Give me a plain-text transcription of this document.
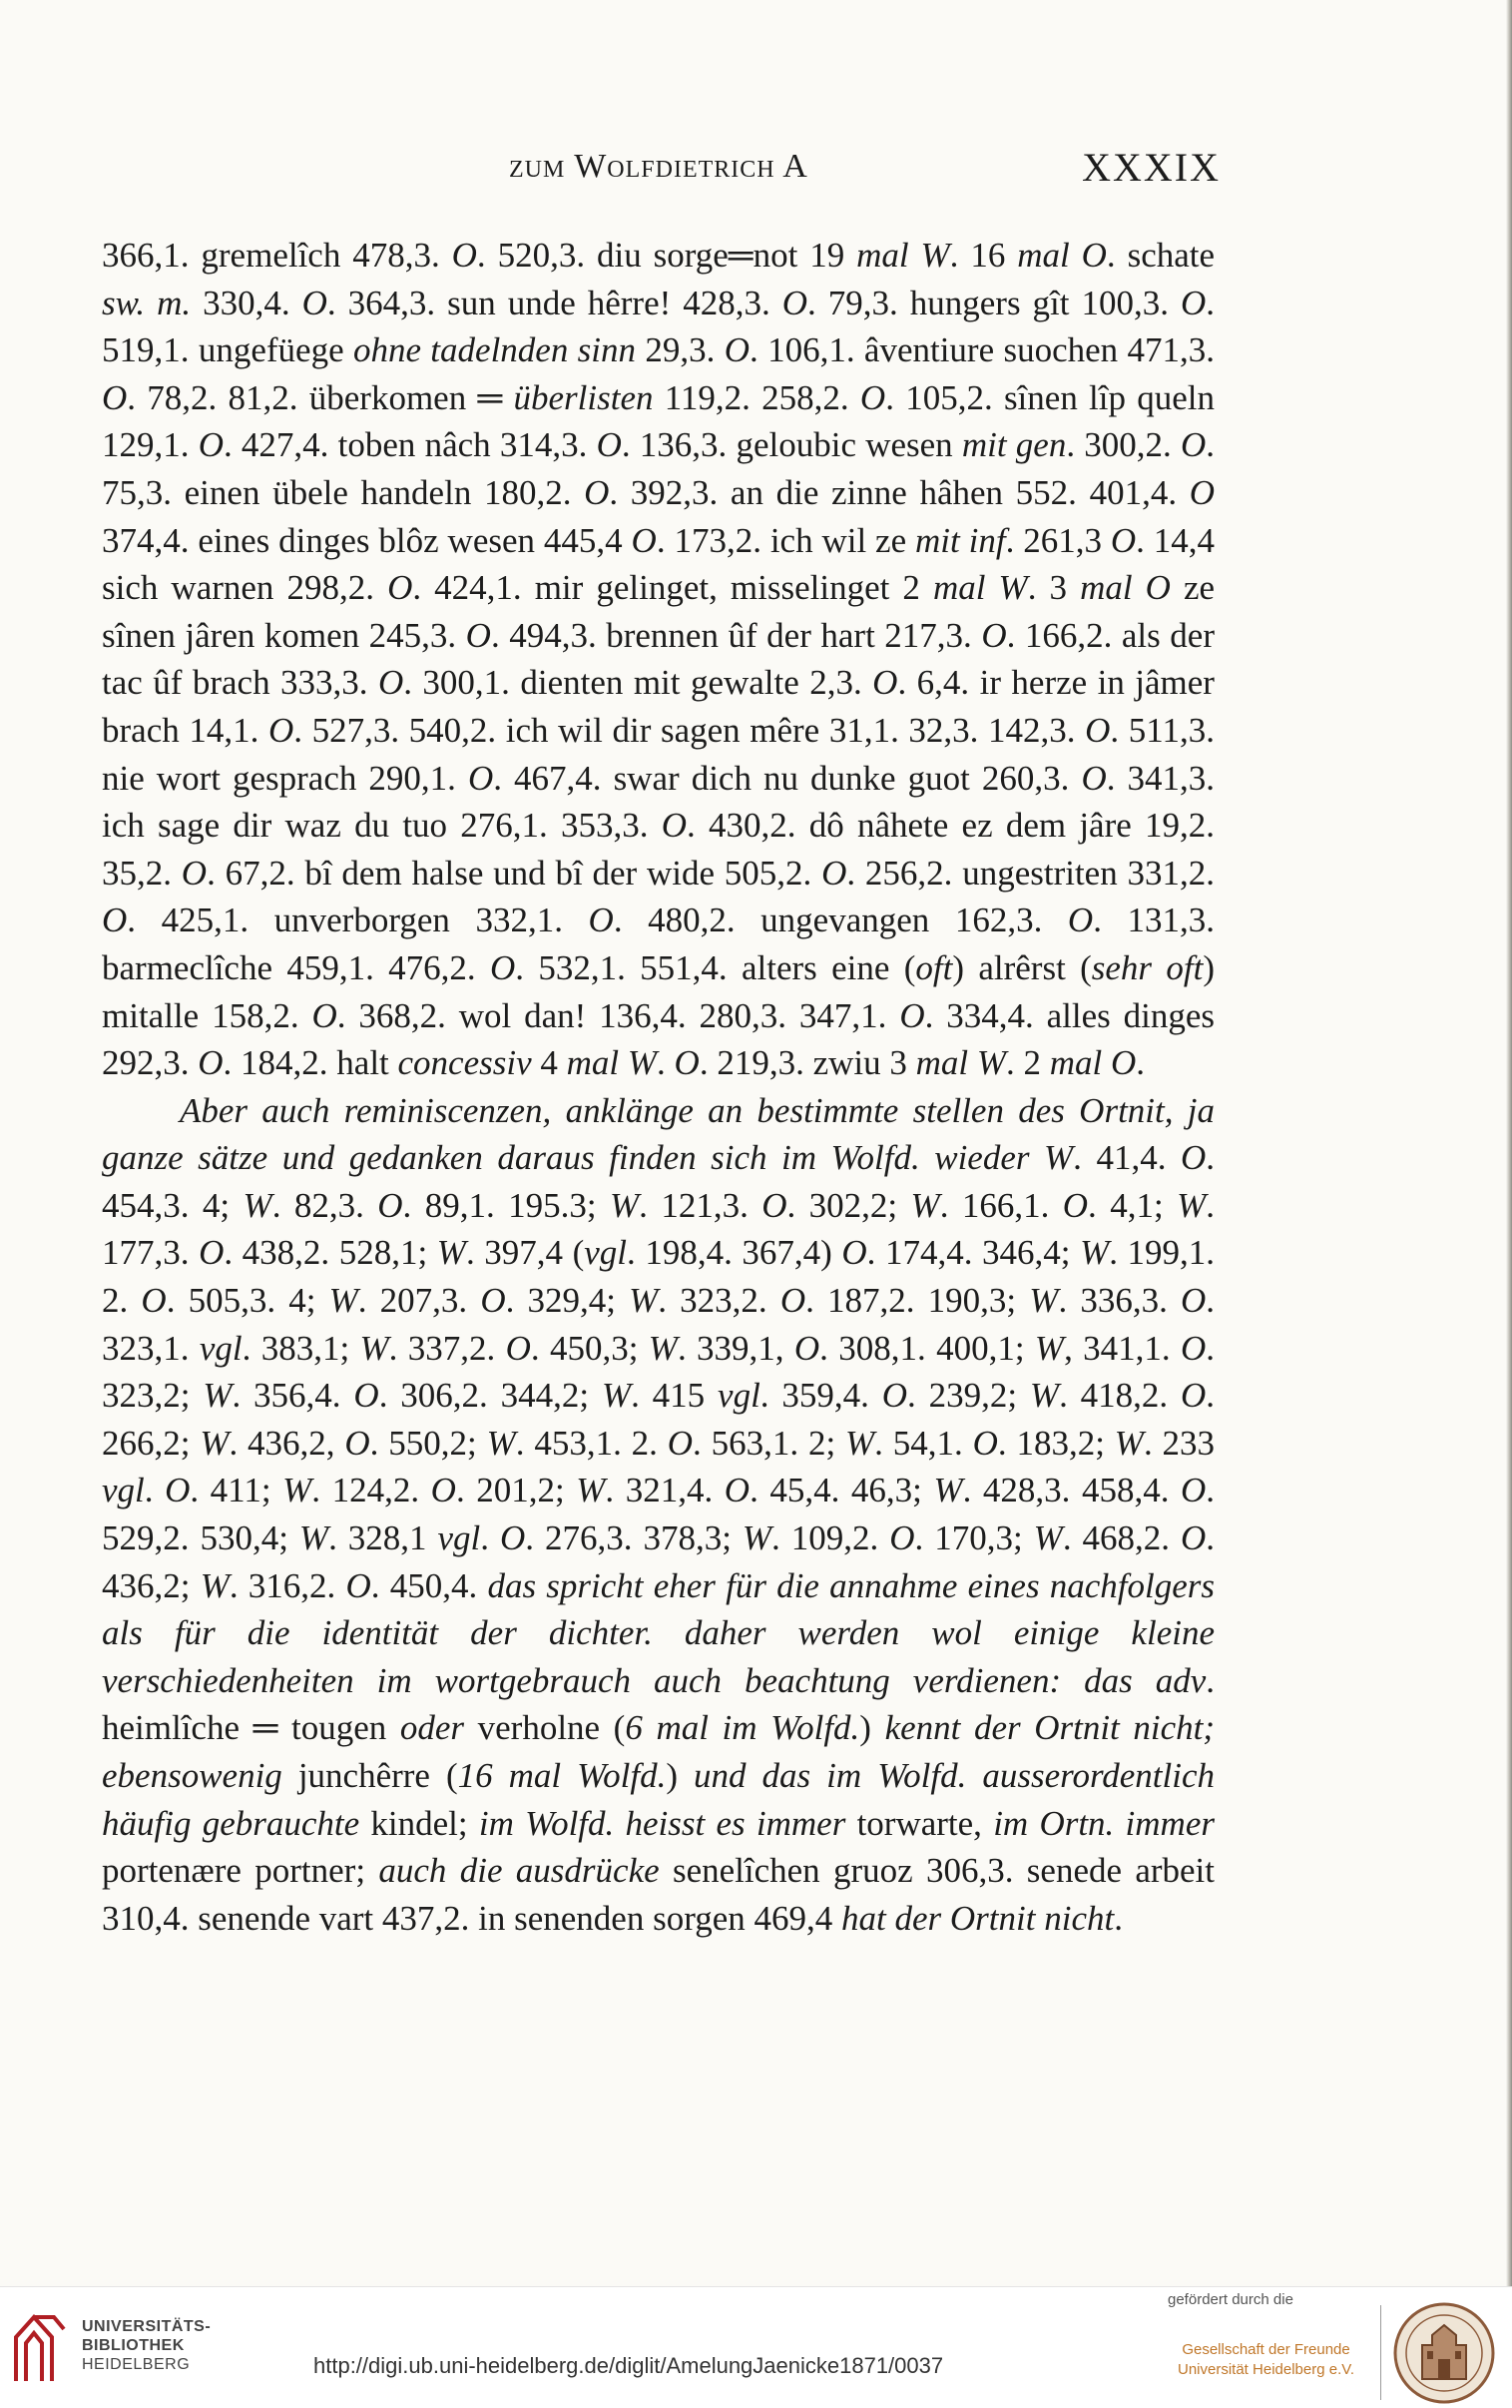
zum Wolfdietrich A	XXXIX

366,1. gremelîch 478,3. O. 520,3. diu sorge═not 19 mal W. 16 mal O. schate sw. m. 330,4. O. 364,3. sun unde hêrre! 428,3. O. 79,3. hungers gît 100,3. O. 519,1. ungefüege ohne tadelnden sinn 29,3. O. 106,1. âventiure suochen 471,3. O. 78,2. 81,2. überkomen ═ überlisten 119,2. 258,2. O. 105,2. sînen lîp queln 129,1. O. 427,4. toben nâch 314,3. O. 136,3. geloubic wesen mit gen. 300,2. O. 75,3. einen übele handeln 180,2. O. 392,3. an die zinne hâhen 552. 401,4. O 374,4. eines dinges blôz wesen 445,4 O. 173,2. ich wil ze mit inf. 261,3 O. 14,4 sich warnen 298,2. O. 424,1. mir gelinget, misselinget 2 mal W. 3 mal O ze sînen jâren komen 245,3. O. 494,3. brennen ûf der hart 217,3. O. 166,2. als der tac ûf brach 333,3. O. 300,1. dienten mit gewalte 2,3. O. 6,4. ir herze in jâmer brach 14,1. O. 527,3. 540,2. ich wil dir sagen mêre 31,1. 32,3. 142,3. O. 511,3. nie wort gesprach 290,1. O. 467,4. swar dich nu dunke guot 260,3. O. 341,3. ich sage dir waz du tuo 276,1. 353,3. O. 430,2. dô nâhete ez dem jâre 19,2. 35,2. O. 67,2. bî dem halse und bî der wide 505,2. O. 256,2. ungestriten 331,2. O. 425,1. unverborgen 332,1. O. 480,2. ungevangen 162,3. O. 131,3. barmeclîche 459,1. 476,2. O. 532,1. 551,4. alters eine (oft) alrêrst (sehr oft) mitalle 158,2. O. 368,2. wol dan! 136,4. 280,3. 347,1. O. 334,4. alles dinges 292,3. O. 184,2. halt concessiv 4 mal W. O. 219,3. zwiu 3 mal W. 2 mal O.

Aber auch reminiscenzen, anklänge an bestimmte stellen des Ortnit, ja ganze sätze und gedanken daraus finden sich im Wolfd. wieder W. 41,4. O. 454,3. 4; W. 82,3. O. 89,1. 195.3; W. 121,3. O. 302,2; W. 166,1. O. 4,1; W. 177,3. O. 438,2. 528,1; W. 397,4 (vgl. 198,4. 367,4) O. 174,4. 346,4; W. 199,1. 2. O. 505,3. 4; W. 207,3. O. 329,4; W. 323,2. O. 187,2. 190,3; W. 336,3. O. 323,1. vgl. 383,1; W. 337,2. O. 450,3; W. 339,1, O. 308,1. 400,1; W, 341,1. O. 323,2; W. 356,4. O. 306,2. 344,2; W. 415 vgl. 359,4. O. 239,2; W. 418,2. O. 266,2; W. 436,2, O. 550,2; W. 453,1. 2. O. 563,1. 2; W. 54,1. O. 183,2; W. 233 vgl. O. 411; W. 124,2. O. 201,2; W. 321,4. O. 45,4. 46,3; W. 428,3. 458,4. O. 529,2. 530,4; W. 328,1 vgl. O. 276,3. 378,3; W. 109,2. O. 170,3; W. 468,2. O. 436,2; W. 316,2. O. 450,4. das spricht eher für die annahme eines nachfolgers als für die identität der dichter. daher werden wol einige kleine verschiedenheiten im wortgebrauch auch beachtung verdienen: das adv. heimlîche ═ tougen oder verholne (6 mal im Wolfd.) kennt der Ortnit nicht; ebensowenig junchêrre (16 mal Wolfd.) und das im Wolfd. ausserordentlich häufig gebrauchte kindel; im Wolfd. heisst es immer torwarte, im Ortn. immer portenære portner; auch die ausdrücke senelîchen gruoz 306,3. senede arbeit 310,4. senende vart 437,2. in senenden sorgen 469,4 hat der Ortnit nicht.

UNIVERSITÄTS-
BIBLIOTHEK
HEIDELBERG	http://digi.ub.uni-heidelberg.de/diglit/AmelungJaenicke1871/0037
gefördert durch die
Gesellschaft der Freunde
Universität Heidelberg e.V.
